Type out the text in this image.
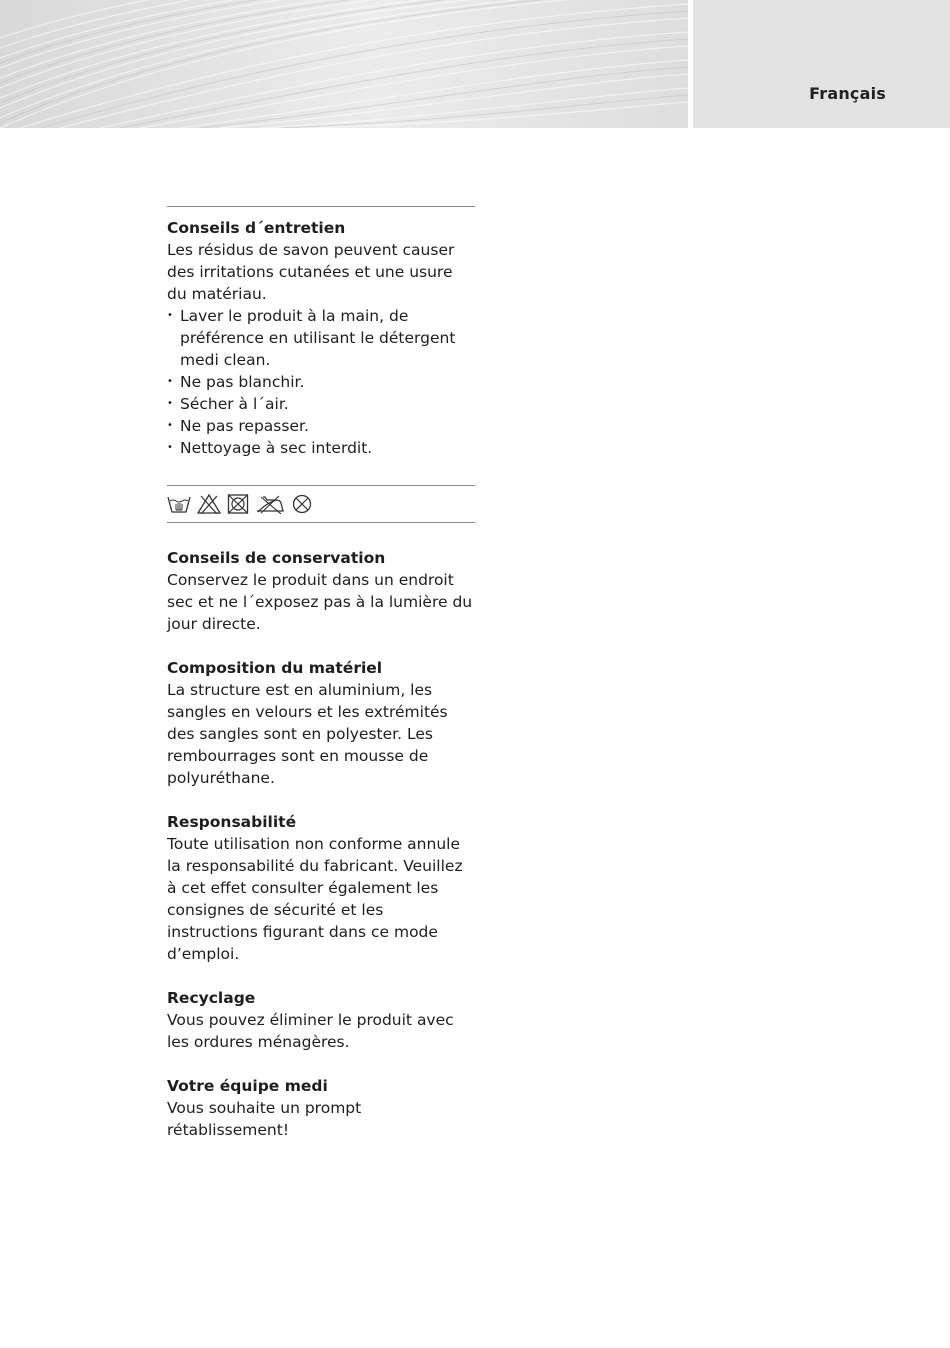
Français
Conseils d´entretien
Les résidus de savon peuvent causer des irritations cutanées et une usure du matériau.
• Laver le produit à la main, de préférence en utilisant le détergent medi clean.
• Ne pas blanchir.
• Sécher à l´air.
• Ne pas repasser.
• Nettoyage à sec interdit.
Conseils de conservation
Conservez le produit dans un endroit sec et ne l´exposez pas à la lumière du jour directe.
Composition du matériel
La structure est en aluminium, les sangles en velours et les extrémités des sangles sont en polyester. Les rembourrages sont en mousse de polyuréthane.
Responsabilité
Toute utilisation non conforme annule la responsabilité du fabricant. Veuillez à cet effet consulter également les consignes de sécurité et les instructions figurant dans ce mode d’emploi.
Recyclage
Vous pouvez éliminer le produit avec les ordures ménagères.
Votre équipe medi
Vous souhaite un prompt rétablissement!
